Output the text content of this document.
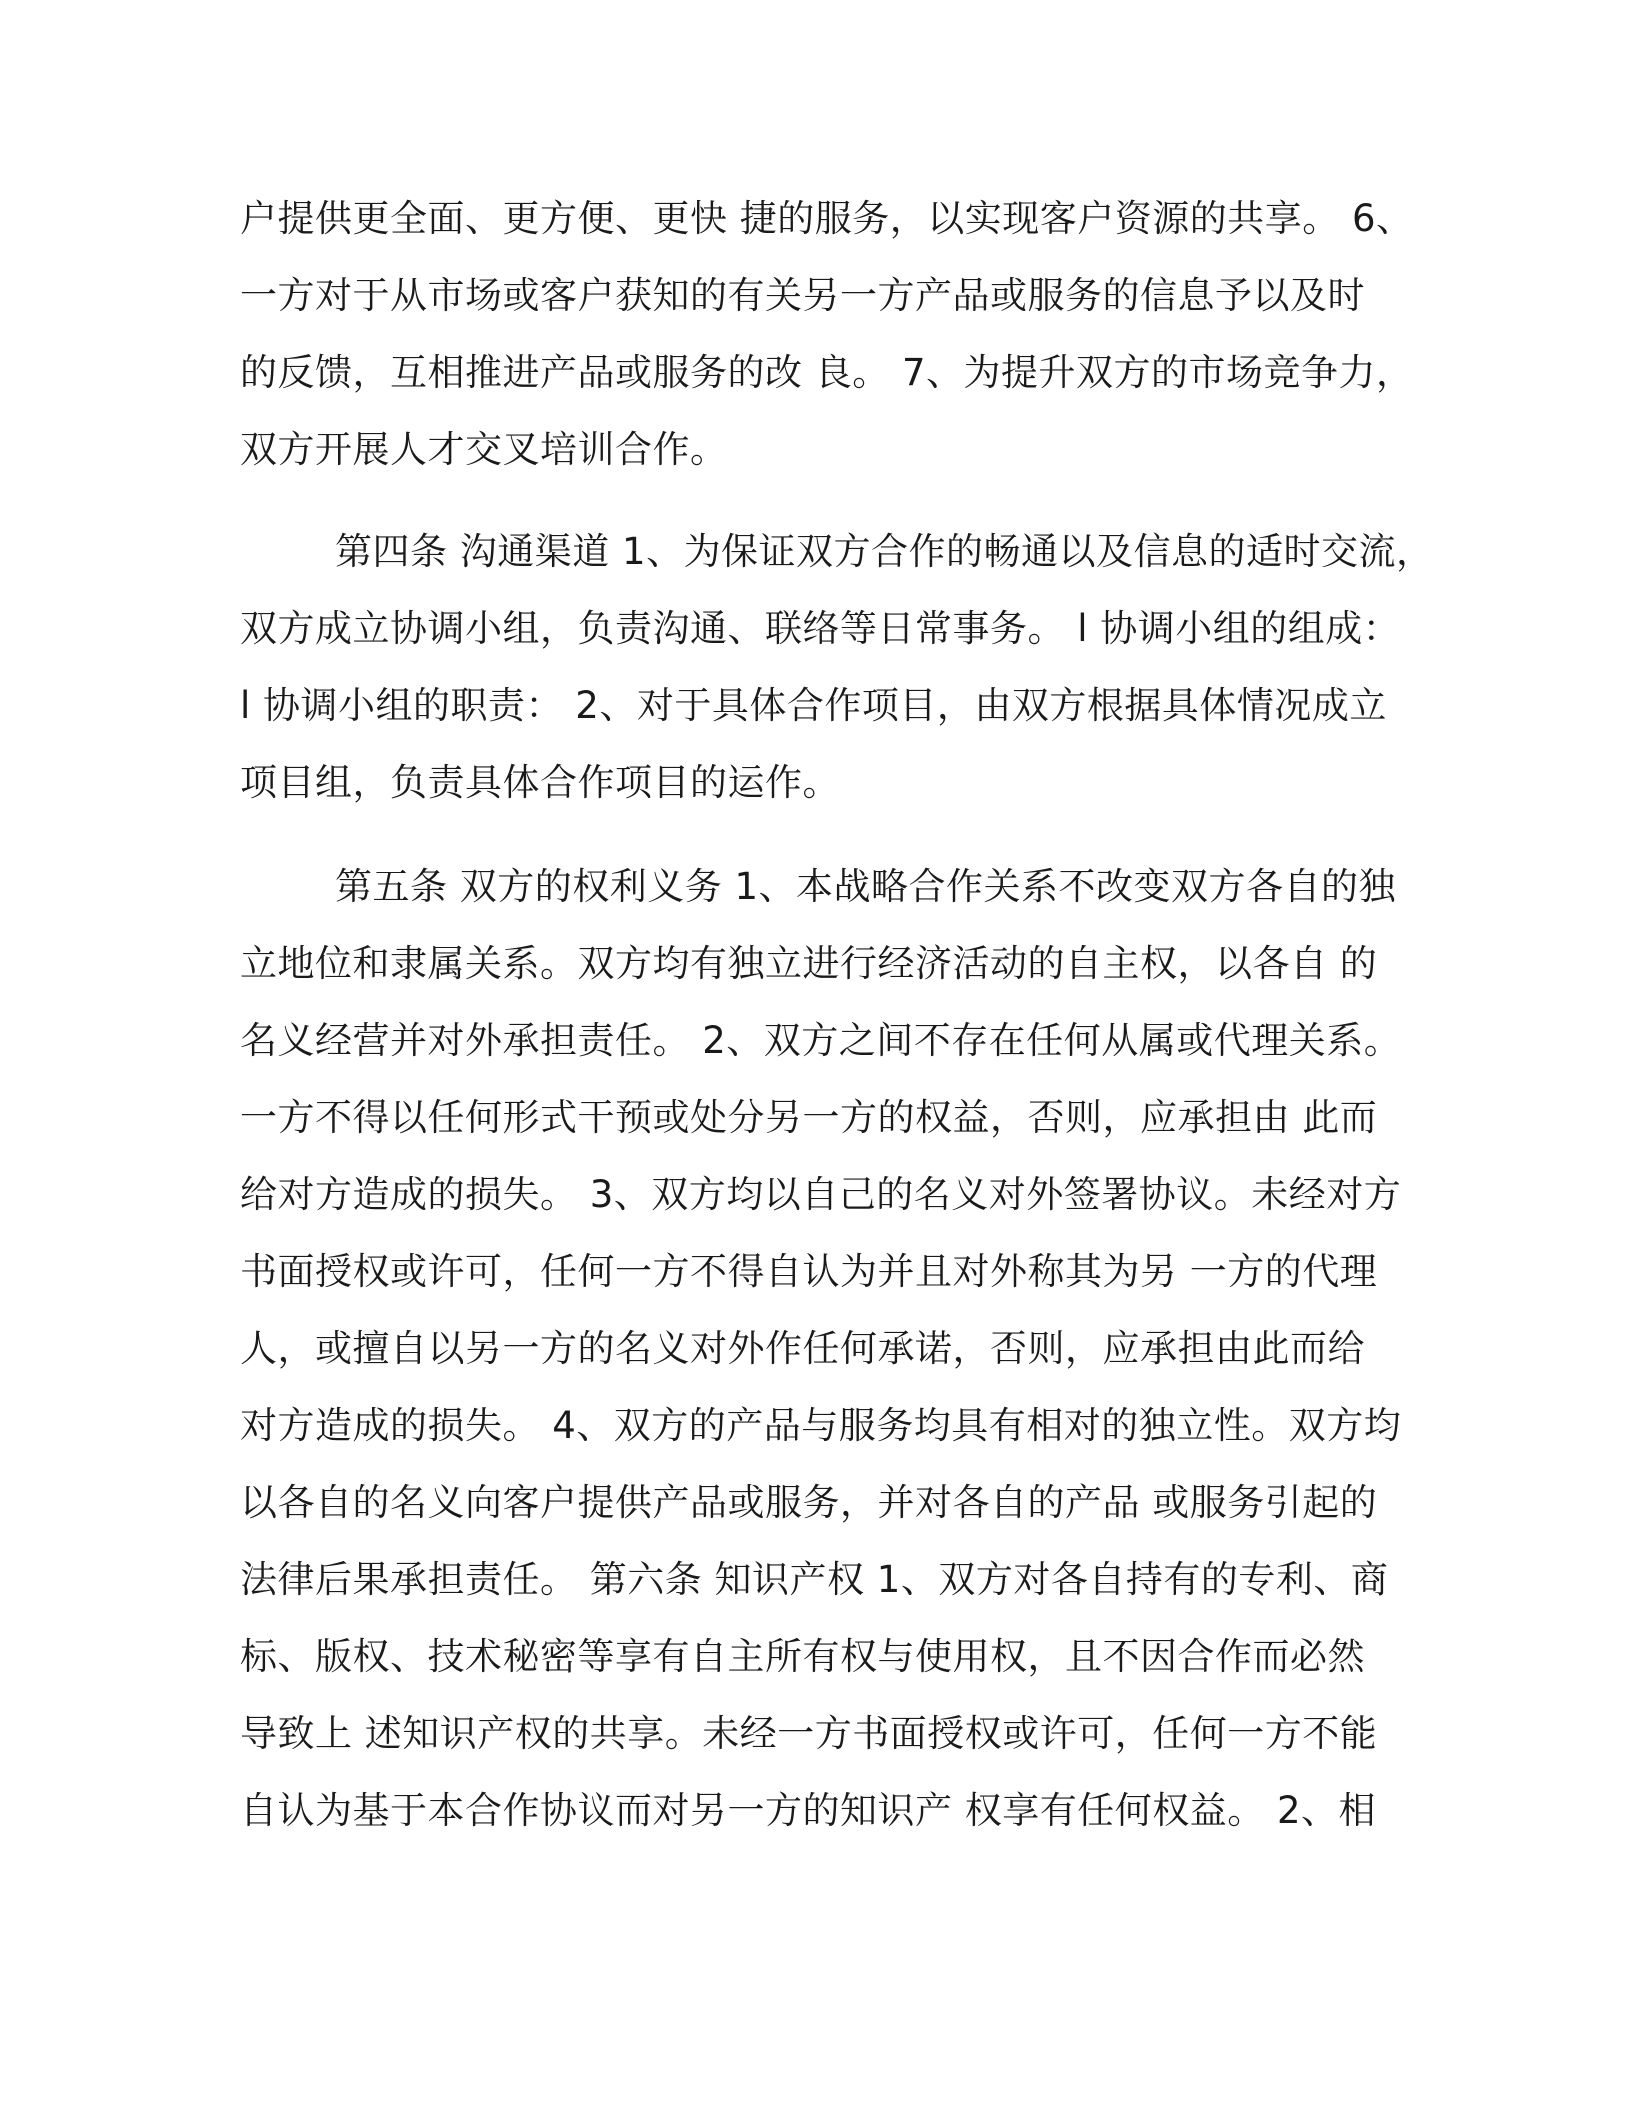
户提供更全面、更方便、更快 捷的服务，以实现客户资源的共享。 6、
一方对于从市场或客户获知的有关另一方产品或服务的信息予以及时
的反馈，互相推进产品或服务的改 良。 7、为提升双方的市场竞争力，
双方开展人才交叉培训合作。
第四条 沟通渠道 1、为保证双方合作的畅通以及信息的适时交流，
双方成立协调小组，负责沟通、联络等日常事务。 l 协调小组的组成：
l 协调小组的职责： 2、对于具体合作项目，由双方根据具体情况成立
项目组，负责具体合作项目的运作。
第五条 双方的权利义务 1、本战略合作关系不改变双方各自的独
立地位和隶属关系。双方均有独立进行经济活动的自主权，以各自 的
名义经营并对外承担责任。 2、双方之间不存在任何从属或代理关系。
一方不得以任何形式干预或处分另一方的权益，否则，应承担由 此而
给对方造成的损失。 3、双方均以自己的名义对外签署协议。未经对方
书面授权或许可，任何一方不得自认为并且对外称其为另 一方的代理
人，或擅自以另一方的名义对外作任何承诺，否则，应承担由此而给
对方造成的损失。 4、双方的产品与服务均具有相对的独立性。双方均
以各自的名义向客户提供产品或服务，并对各自的产品 或服务引起的
法律后果承担责任。 第六条 知识产权 1、双方对各自持有的专利、商
标、版权、技术秘密等享有自主所有权与使用权，且不因合作而必然
导致上 述知识产权的共享。未经一方书面授权或许可，任何一方不能
自认为基于本合作协议而对另一方的知识产 权享有任何权益。 2、相
